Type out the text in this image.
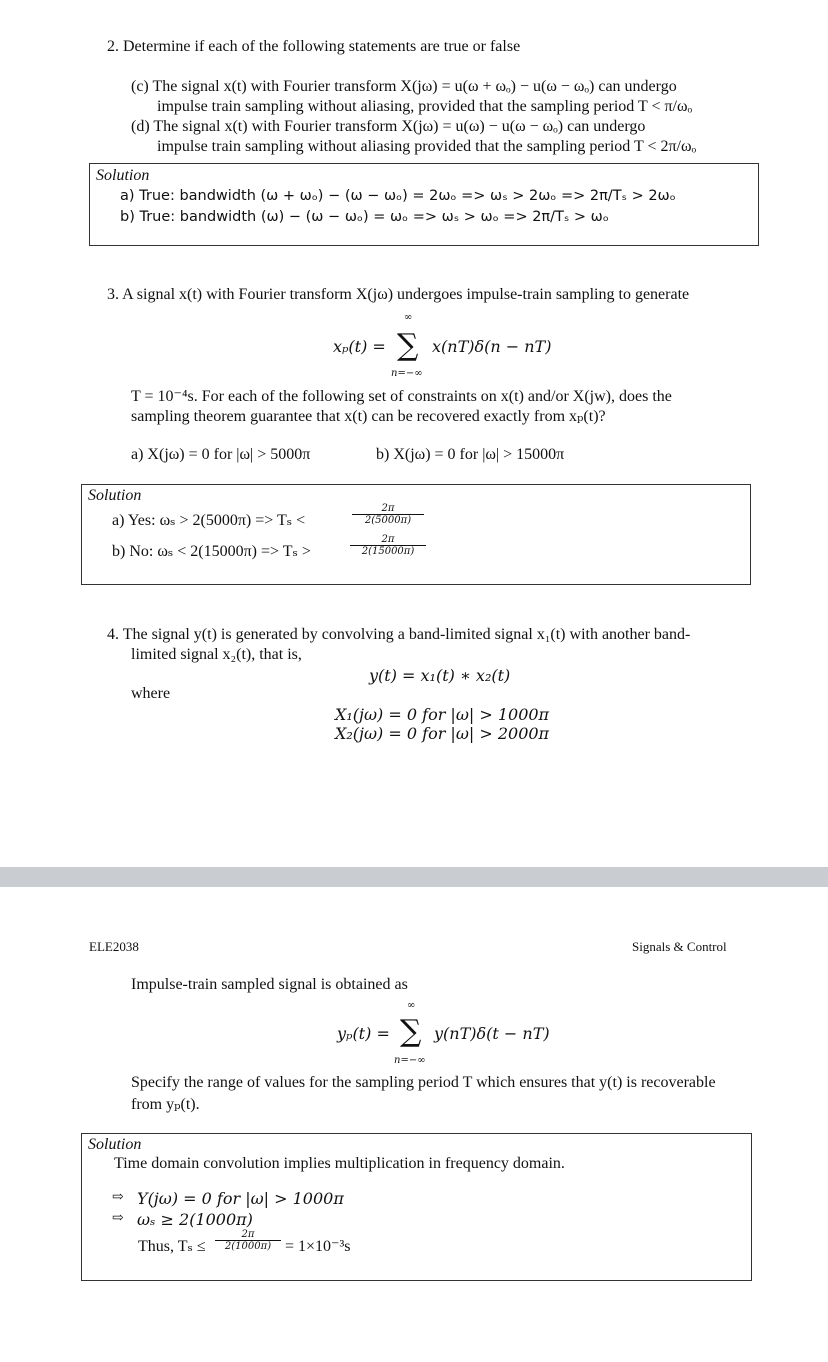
2. Determine if each of the following statements are true or false
(c) The signal x(t) with Fourier transform X(jω) = u(ω + ωₒ) − u(ω − ωₒ) can undergo
impulse train sampling without aliasing, provided that the sampling period T < π/ωₒ
(d) The signal x(t) with Fourier transform X(jω) = u(ω) − u(ω − ωₒ) can undergo
impulse train sampling without aliasing provided that the sampling period T < 2π/ωₒ
Solution
a) True: bandwidth (ω + ωₒ) − (ω − ωₒ) = 2ωₒ => ωₛ > 2ωₒ => 2π/Tₛ > 2ωₒ
b) True: bandwidth (ω) − (ω − ωₒ) = ωₒ => ωₛ > ωₒ => 2π/Tₛ > ωₒ
3. A signal x(t) with Fourier transform X(jω) undergoes impulse-train sampling to generate
∞
xₚ(t) = ∑ x(nT)δ(n − nT)
n=−∞
T = 10⁻⁴s. For each of the following set of constraints on x(t) and/or X(jw), does the
sampling theorem guarantee that x(t) can be recovered exactly from xₚ(t)?
a) X(jω) = 0 for |ω| > 5000π	b) X(jω) = 0 for |ω| > 15000π
Solution
a) Yes: ωₛ > 2(5000π) => Tₛ <	$\frac{2\pi}{2(5000\pi)}$
b) No: ωₛ < 2(15000π) => Tₛ >	$\frac{2\pi}{2(15000\pi)}$
4. The signal y(t) is generated by convolving a band-limited signal x₁(t) with another band-
limited signal x₂(t), that is,
y(t) = x₁(t) ∗ x₂(t)
where
X₁(jω) = 0 for |ω| > 1000π
X₂(jω) = 0 for |ω| > 2000π
ELE2038	Signals & Control
Impulse-train sampled signal is obtained as
∞
yₚ(t) = ∑ y(nT)δ(t − nT)
n=−∞
Specify the range of values for the sampling period T which ensures that y(t) is recoverable
from yₚ(t).
Solution
Time domain convolution implies multiplication in frequency domain.
⇨ Y(jω) = 0 for |ω| > 1000π
⇨ ωₛ ≥ 2(1000π)
Thus, $T_s \le \frac{2\pi}{2(1000\pi)} = 1\times 10^{-3}s$
